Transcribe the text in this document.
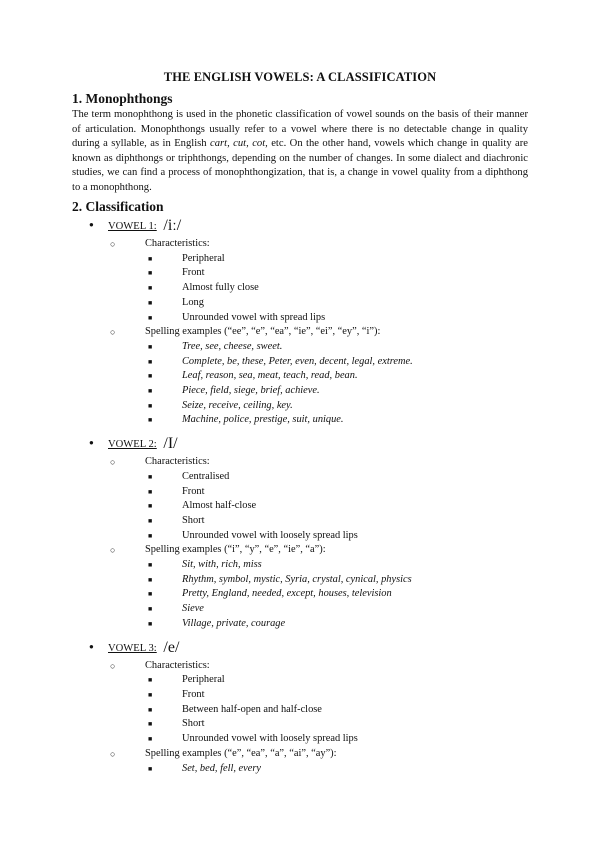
THE ENGLISH VOWELS: A CLASSIFICATION
1. Monophthongs

The term monophthong is used in the phonetic classification of vowel sounds on the basis of their manner of articulation. Monophthongs usually refer to a vowel where there is no detectable change in quality during a syllable, as in English cart, cut, cot, etc. On the other hand, vowels which change in quality are known as diphthongs or triphthongs, depending on the number of changes. In some dialect and diachronic studies, we can find a process of monophthongization, that is, a change in vowel quality from a diphthong to a monophthong.

2. Classification
● VOWEL 1: /iː/
○	Characteristics:
■	Peripheral
■	Front
■	Almost fully close
■	Long
■	Unrounded vowel with spread lips
○	Spelling examples (“ee”, “e”, “ea”, “ie”, “ei”, “ey”, “i”):
■	Tree, see, cheese, sweet.
■	Complete, be, these, Peter, even, decent, legal, extreme.
■	Leaf, reason, sea, meat, teach, read, bean.
■	Piece, field, siege, brief, achieve.
■	Seize, receive, ceiling, key.
■	Machine, police, prestige, suit, unique.
● VOWEL 2: /I/
○	Characteristics:
■	Centralised
■	Front
■	Almost half-close
■	Short
■	Unrounded vowel with loosely spread lips
○	Spelling examples (“i”, “y”, “e”, “ie”, “a”):
■	Sit, with, rich, miss
■	Rhythm, symbol, mystic, Syria, crystal, cynical, physics
■	Pretty, England, needed, except, houses, television
■	Sieve
■	Village, private, courage
● VOWEL 3: /e/
○	Characteristics:
■	Peripheral
■	Front
■	Between half-open and half-close
■	Short
■	Unrounded vowel with loosely spread lips
○	Spelling examples (“e”, “ea”, “a”, “ai”, “ay”):
■	Set, bed, fell, every
